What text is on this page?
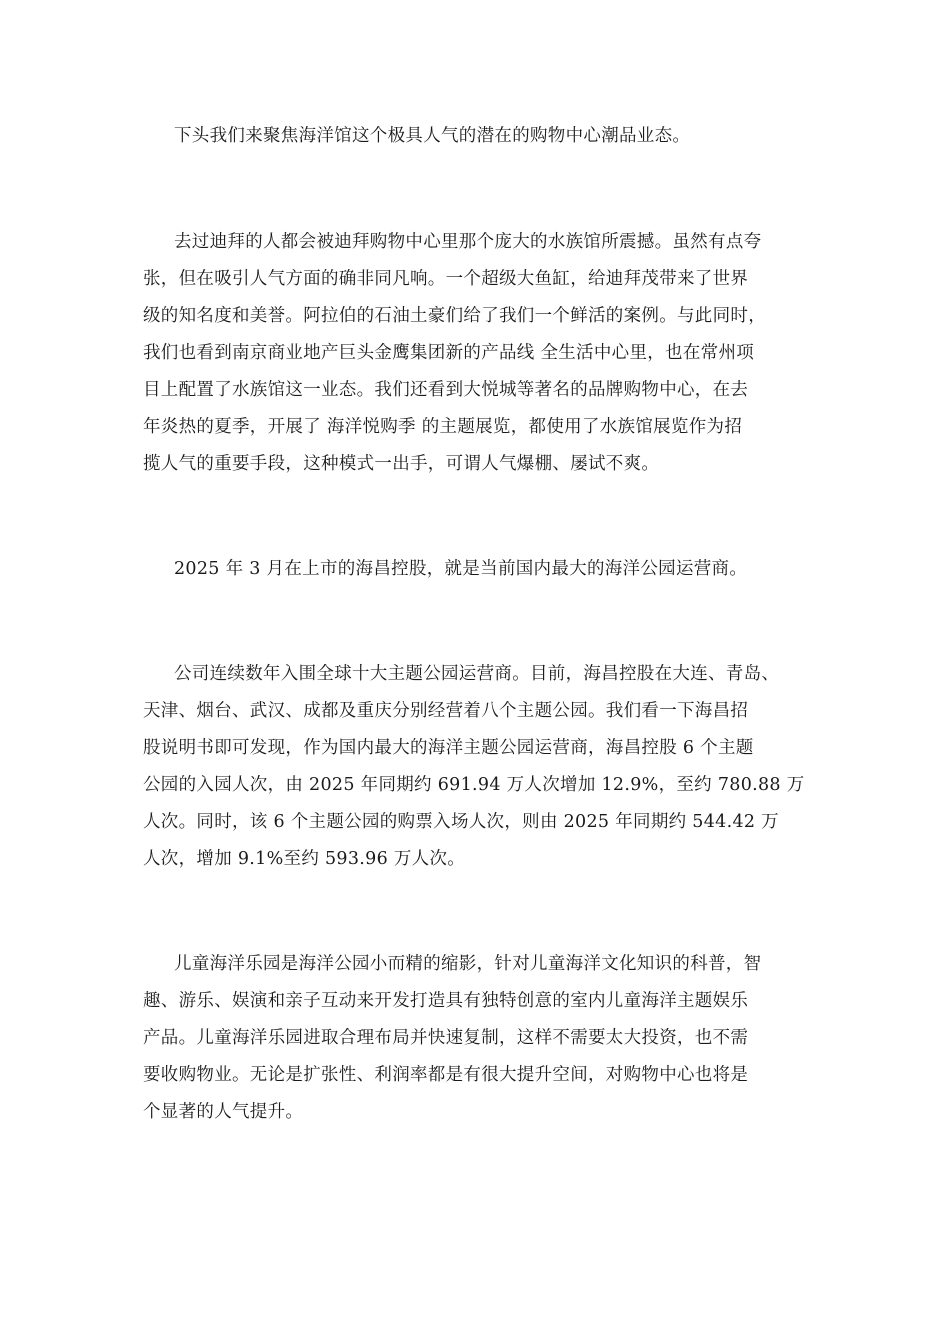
下头我们来聚焦海洋馆这个极具人气的潜在的购物中心潮品业态。
去过迪拜的人都会被迪拜购物中心里那个庞大的水族馆所震撼。虽然有点夸
张，但在吸引人气方面的确非同凡响。一个超级大鱼缸，给迪拜茂带来了世界
级的知名度和美誉。阿拉伯的石油土豪们给了我们一个鲜活的案例。与此同时，
我们也看到南京商业地产巨头金鹰集团新的产品线 全生活中心里，也在常州项
目上配置了水族馆这一业态。我们还看到大悦城等著名的品牌购物中心，在去
年炎热的夏季，开展了 海洋悦购季 的主题展览，都使用了水族馆展览作为招
揽人气的重要手段，这种模式一出手，可谓人气爆棚、屡试不爽。
2025 年 3 月在上市的海昌控股，就是当前国内最大的海洋公园运营商。
公司连续数年入围全球十大主题公园运营商。目前，海昌控股在大连、青岛、
天津、烟台、武汉、成都及重庆分别经营着八个主题公园。我们看一下海昌招
股说明书即可发现，作为国内最大的海洋主题公园运营商，海昌控股 6 个主题
公园的入园人次，由 2025 年同期约 691.94 万人次增加 12.9%，至约 780.88 万
人次。同时，该 6 个主题公园的购票入场人次，则由 2025 年同期约 544.42 万
人次，增加 9.1%至约 593.96 万人次。
儿童海洋乐园是海洋公园小而精的缩影，针对儿童海洋文化知识的科普，智
趣、游乐、娱演和亲子互动来开发打造具有独特创意的室内儿童海洋主题娱乐
产品。儿童海洋乐园进取合理布局并快速复制，这样不需要太大投资，也不需
要收购物业。无论是扩张性、利润率都是有很大提升空间，对购物中心也将是
个显著的人气提升。
